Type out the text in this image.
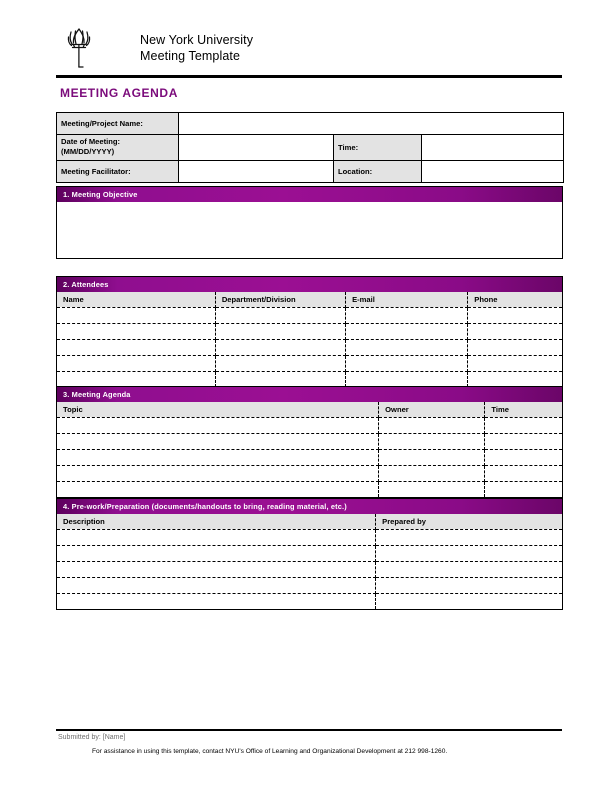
New York University
Meeting Template
MEETING AGENDA
Meeting/Project Name:			
Date of Meeting:
(MM/DD/YYYY)		Time:	
Meeting Facilitator:		Location:	
1. Meeting Objective
2. Attendees
Name	Department/Division	E-mail	Phone

3. Meeting Agenda
Topic	Owner	Time

4. Pre-work/Preparation (documents/handouts to bring, reading material, etc.)
Description	Prepared by

Submitted by: [Name]
For assistance in using this template, contact NYU's Office of Learning and Organizational Development at 212 998-1260.
